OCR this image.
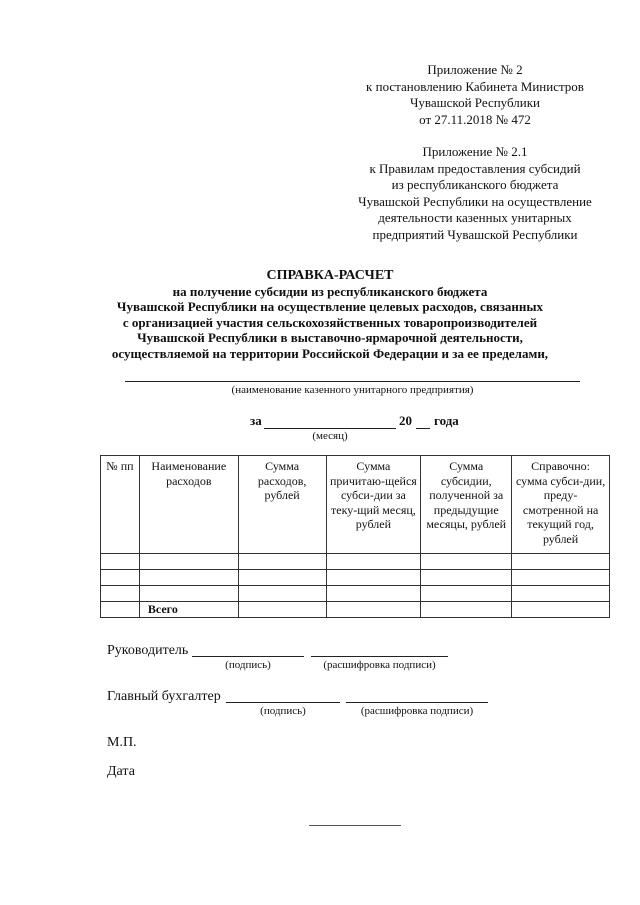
Приложение № 2
к постановлению Кабинета Министров
Чувашской Республики
от 27.11.2018 № 472
Приложение № 2.1
к Правилам предоставления субсидий
из республиканского бюджета
Чувашской Республики на осуществление
деятельности казенных унитарных
предприятий Чувашской Республики
СПРАВКА-РАСЧЕТ
на получение субсидии из республиканского бюджета
Чувашской Республики на осуществление целевых расходов, связанных
с организацией участия сельскохозяйственных товаропроизводителей
Чувашской Республики в выставочно-ярмарочной деятельности,
осуществляемой на территории Российской Федерации и за ее пределами,
(наименование казенного унитарного предприятия)
за	20 года
(месяц)
№ пп	Наименование расходов	Сумма расходов, рублей	Сумма причитаю-щейся субси-дии за теку-щий месяц, рублей	Сумма субсидии, полученной за предыдущие месяцы, рублей	Справочно: сумма субси-дии, преду-смотренной на текущий год, рублей

	Всего				
Руководитель
(подпись)	(расшифровка подписи)
Главный бухгалтер
(подпись)	(расшифровка подписи)
М.П.
Дата
